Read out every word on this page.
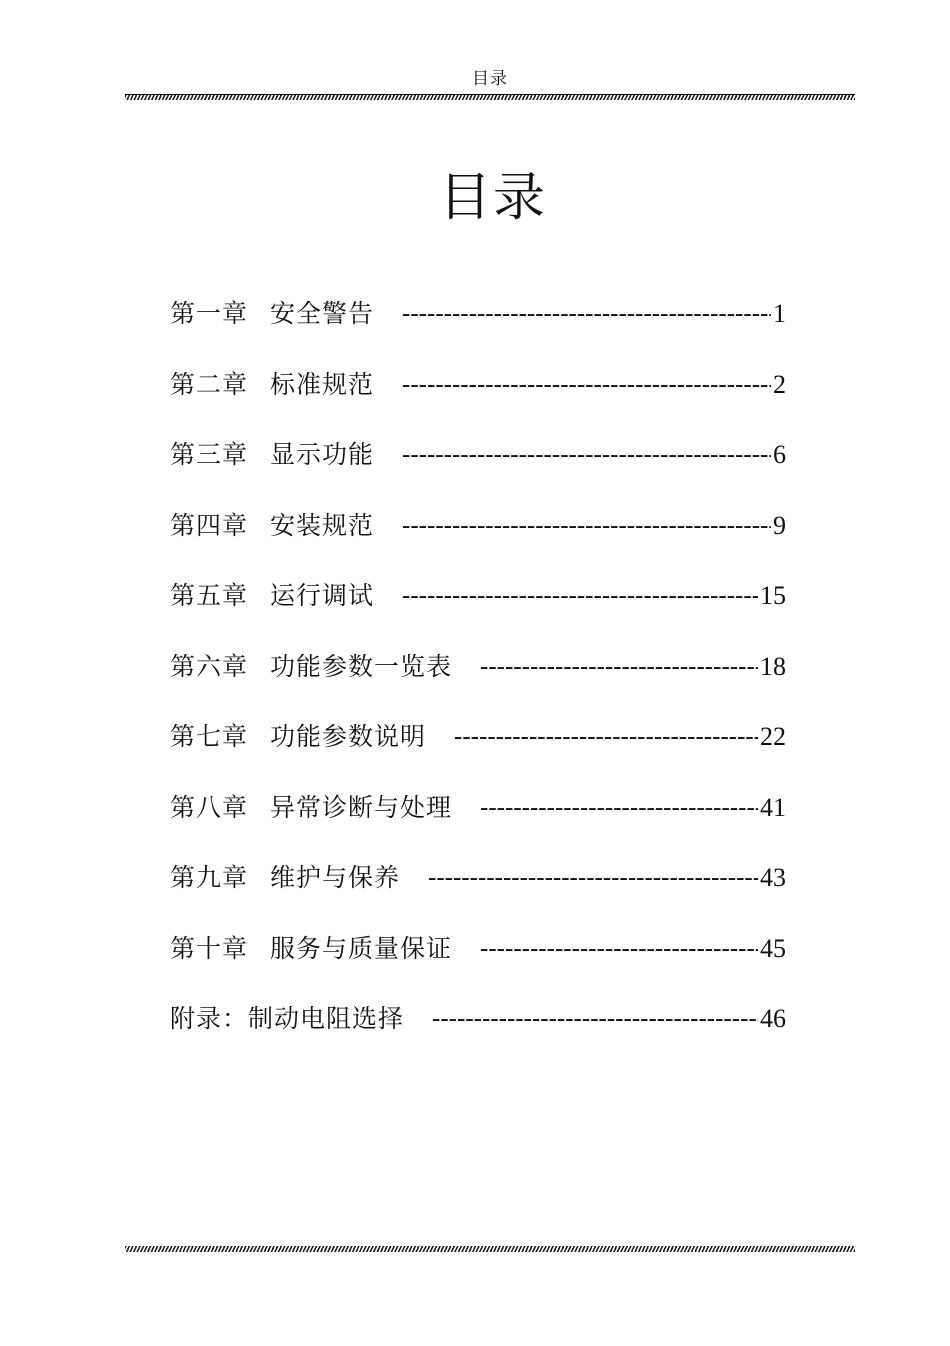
目录
目录
第一章 安全警告 -----	1
第二章 标准规范 -----	2
第三章 显示功能 -----	6
第四章 安装规范 -----	9
第五章 运行调试 -----	15
第六章 功能参数一览表 -----	18
第七章 功能参数说明 -----	22
第八章 异常诊断与处理 -----	41
第九章 维护与保养 -----	43
第十章 服务与质量保证 -----	45
附录： 制动电阻选择 -----	46
